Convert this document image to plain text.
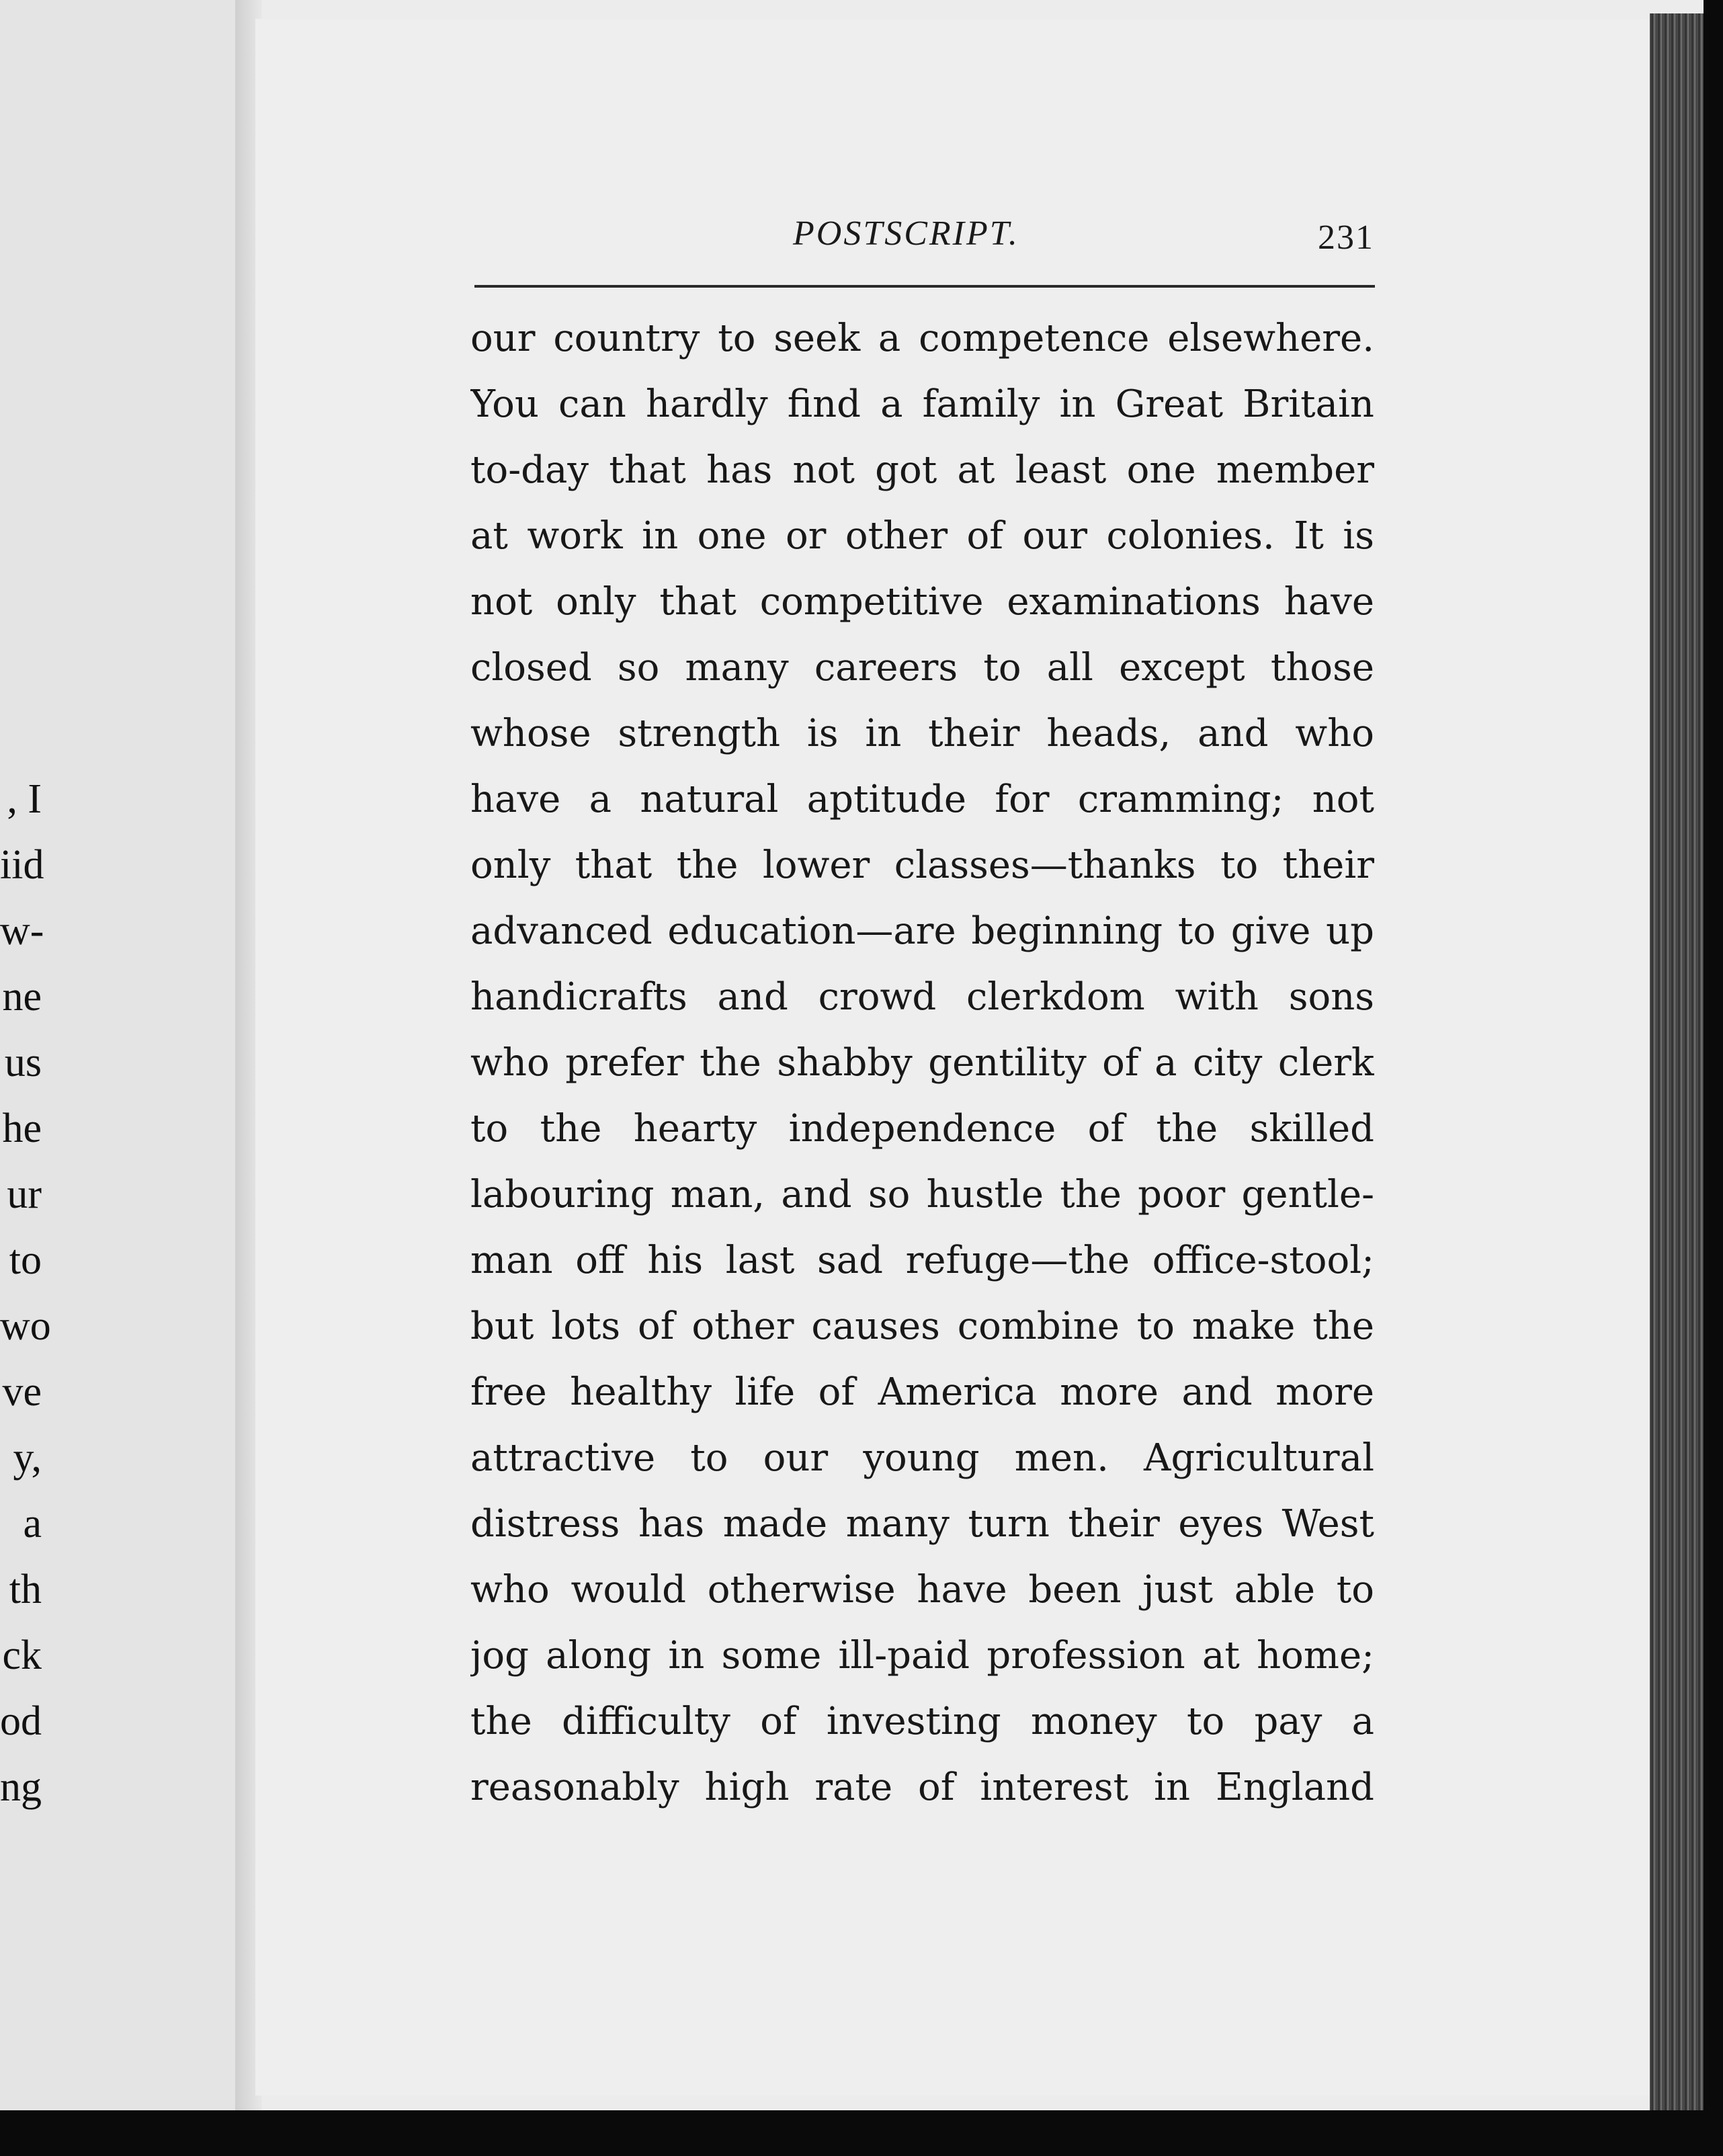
, I
iid
w-
ne
us
he
ur
to
wo
ve
y,
a
th
ck
od
ng
POSTSCRIPT.	231
our country to seek a competence elsewhere.
You can hardly find a family in Great Britain
to-day that has not got at least one member
at work in one or other of our colonies. It is
not only that competitive examinations have
closed so many careers to all except those
whose strength is in their heads, and who
have a natural aptitude for cramming; not
only that the lower classes—thanks to their
advanced education—are beginning to give up
handicrafts and crowd clerkdom with sons
who prefer the shabby gentility of a city clerk
to the hearty independence of the skilled
labouring man, and so hustle the poor gentle-
man off his last sad refuge—the office-stool;
but lots of other causes combine to make the
free healthy life of America more and more
attractive to our young men. Agricultural
distress has made many turn their eyes West
who would otherwise have been just able to
jog along in some ill-paid profession at home;
the difficulty of investing money to pay a
reasonably high rate of interest in England
